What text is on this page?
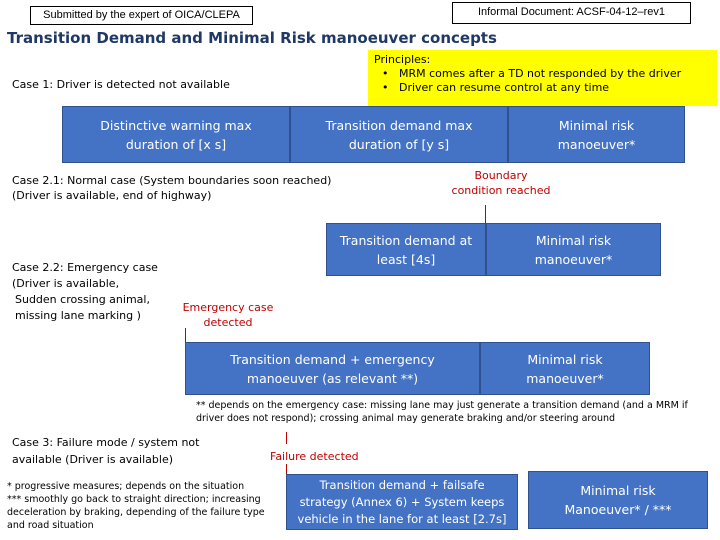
Submitted by the expert of OICA/CLEPA	Informal Document: ACSF-04-12–rev1
Transition Demand and Minimal Risk manoeuver concepts
Principles:
•   MRM comes after a TD not responded by the driver
•   Driver can resume control at any time
Case 1: Driver is detected not available
Distinctive warning max duration of [x s]
Transition demand max duration of [y s]
Minimal risk manoeuver*
Case 2.1: Normal case (System boundaries soon reached)
(Driver is available, end of highway)
Boundary
condition reached
Transition demand at least [4s]
Minimal risk manoeuver*
Case 2.2: Emergency case
(Driver is available,
Sudden crossing animal,
missing lane marking )
Emergency case
detected
Transition demand + emergency manoeuver (as relevant **)
Minimal risk manoeuver*
** depends on the emergency case: missing lane may just generate a transition demand (and a MRM if driver does not respond); crossing animal may generate braking and/or steering around
Case 3: Failure mode / system not
available (Driver is available)	Failure detected
Transition demand + failsafe strategy (Annex 6) + System keeps vehicle in the lane for at least [2.7s]
Minimal risk Manoeuver* / ***
* progressive measures; depends on the situation
*** smoothly go back to straight direction; increasing deceleration by braking, depending of the failure type and road situation
